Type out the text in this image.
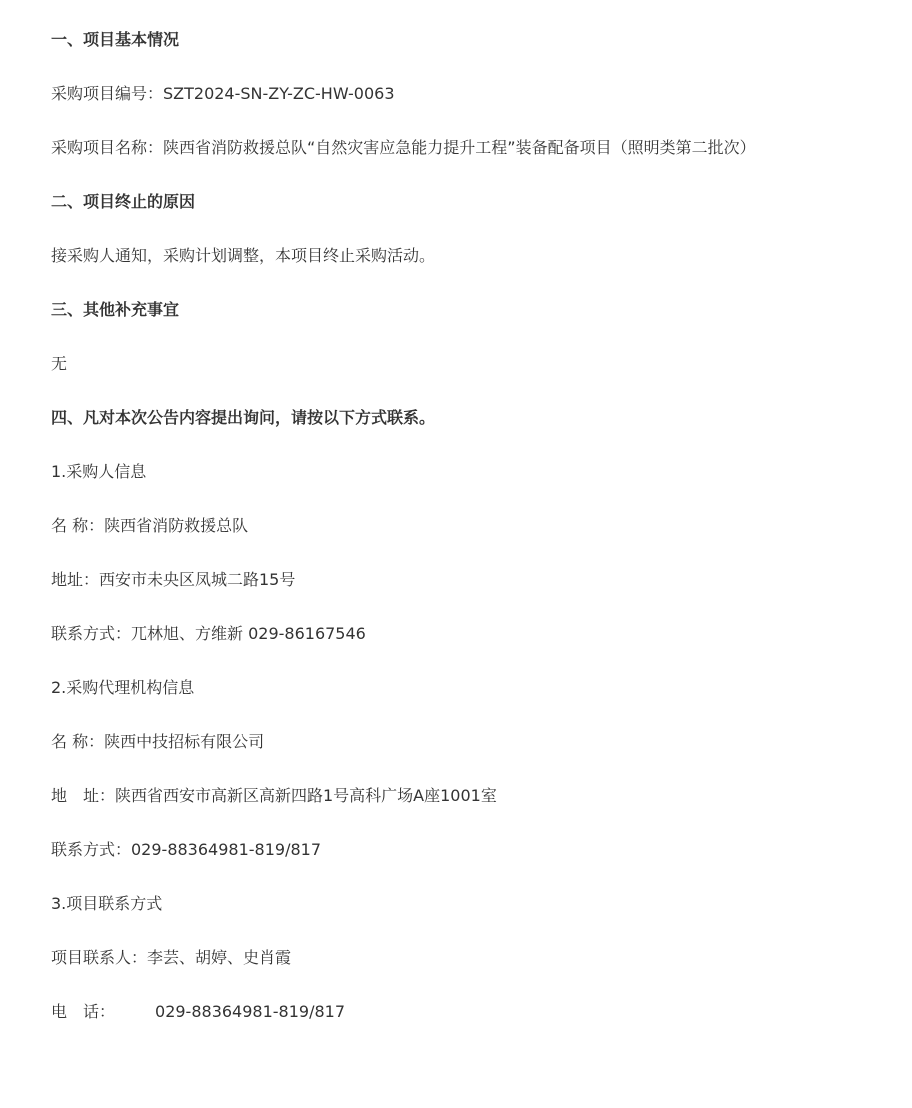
一、项目基本情况

采购项目编号：SZT2024-SN-ZY-ZC-HW-0063

采购项目名称：陕西省消防救援总队“自然灾害应急能力提升工程”装备配备项目（照明类第二批次）

二、项目终止的原因

接采购人通知，采购计划调整，本项目终止采购活动。

三、其他补充事宜

无

四、凡对本次公告内容提出询问，请按以下方式联系。

1.采购人信息

名 称：陕西省消防救援总队

地址：西安市未央区凤城二路15号

联系方式：兀林旭、方维新 029-86167546

2.采购代理机构信息

名 称：陕西中技招标有限公司

地　址：陕西省西安市高新区高新四路1号高科广场A座1001室

联系方式：029-88364981-819/817

3.项目联系方式

项目联系人：李芸、胡婷、史肖霞

电　话：	029-88364981-819/817
